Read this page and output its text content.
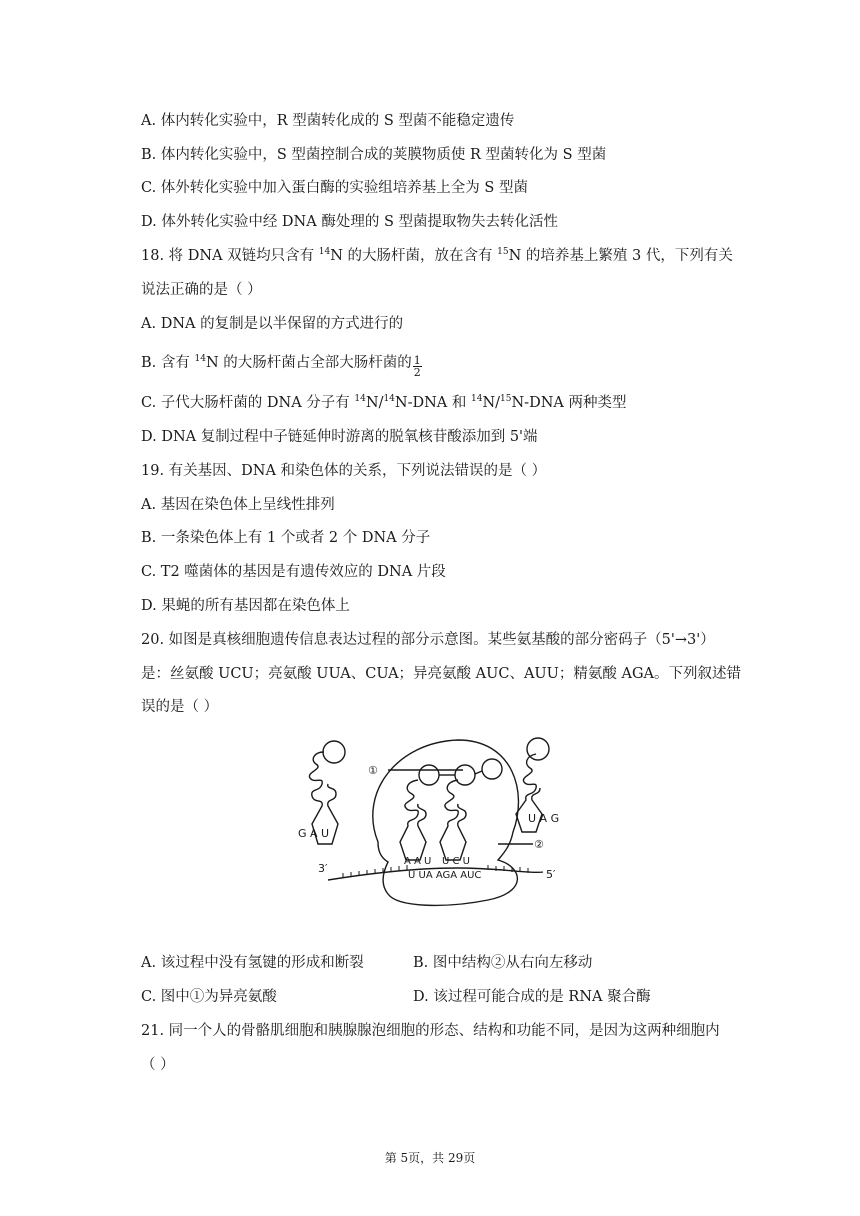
A. 体内转化实验中，R 型菌转化成的 S 型菌不能稳定遗传
B. 体内转化实验中，S 型菌控制合成的荚膜物质使 R 型菌转化为 S 型菌
C. 体外转化实验中加入蛋白酶的实验组培养基上全为 S 型菌
D. 体外转化实验中经 DNA 酶处理的 S 型菌提取物失去转化活性
18. 将 DNA 双链均只含有 $^{14}$N 的大肠杆菌，放在含有 $^{15}$N 的培养基上繁殖 3 代，下列有关
说法正确的是（ ）
A. DNA 的复制是以半保留的方式进行的
B. 含有 $^{14}$N 的大肠杆菌占全部大肠杆菌的 $\frac{1}{2}$
C. 子代大肠杆菌的 DNA 分子有 $^{14}$N/$^{14}$N-DNA 和 $^{14}$N/$^{15}$N-DNA 两种类型
D. DNA 复制过程中子链延伸时游离的脱氧核苷酸添加到 5'端
19. 有关基因、DNA 和染色体的关系，下列说法错误的是（ ）
A. 基因在染色体上呈线性排列
B. 一条染色体上有 1 个或者 2 个 DNA 分子
C. T2 噬菌体的基因是有遗传效应的 DNA 片段
D. 果蝇的所有基因都在染色体上
20. 如图是真核细胞遗传信息表达过程的部分示意图。某些氨基酸的部分密码子（5'→3'）
是：丝氨酸 UCU；亮氨酸 UUA、CUA；异亮氨酸 AUC、AUU；精氨酸 AGA。下列叙述错
误的是（ ）
①
②
3′	5′
G A U
U A G
A A U U C U
U UA AGA AUC
A. 该过程中没有氢键的形成和断裂	B. 图中结构②从右向左移动
C. 图中①为异亮氨酸	D. 该过程可能合成的是 RNA 聚合酶
21. 同一个人的骨骼肌细胞和胰腺腺泡细胞的形态、结构和功能不同，是因为这两种细胞内
（ ）
第 5页，共 29页
